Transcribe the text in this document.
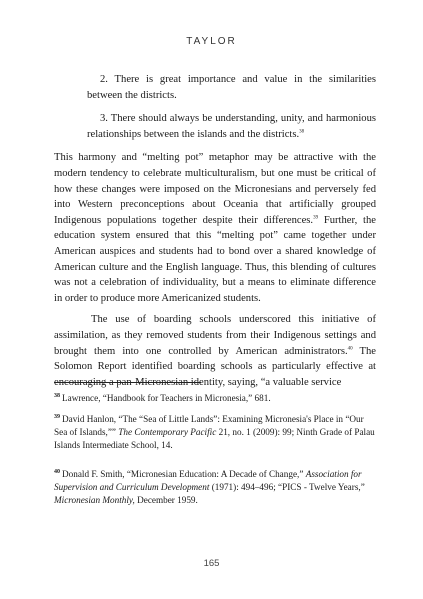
TAYLOR

2. There is great importance and value in the similarities between the districts.

3. There should always be understanding, unity, and harmonious relationships between the islands and the districts.$^{38}$

This harmony and “melting pot” metaphor may be attractive with the modern tendency to celebrate multiculturalism, but one must be critical of how these changes were imposed on the Micronesians and perversely fed into Western preconceptions about Oceania that artificially grouped Indigenous populations together despite their differences.$^{39}$ Further, the education system ensured that this “melting pot” came together under American auspices and students had to bond over a shared knowledge of American culture and the English language. Thus, this blending of cultures was not a celebration of individuality, but a means to eliminate difference in order to produce more Americanized students.

The use of boarding schools underscored this initiative of assimilation, as they removed students from their Indigenous settings and brought them into one controlled by American administrators.$^{40}$ The Solomon Report identified boarding schools as particularly effective at encouraging a pan-Micronesian identity, saying, “a valuable service

$^{38}$ Lawrence, “Handbook for Teachers in Micronesia,” 681.

$^{39}$ David Hanlon, “The “Sea of Little Lands”: Examining Micronesia's Place in “Our Sea of Islands,”” The Contemporary Pacific 21, no. 1 (2009): 99; Ninth Grade of Palau Islands Intermediate School, 14.

$^{40}$ Donald F. Smith, “Micronesian Education: A Decade of Change,” Association for Supervision and Curriculum Development (1971): 494–496; “PICS - Twelve Years,” Micronesian Monthly, December 1959.

165
